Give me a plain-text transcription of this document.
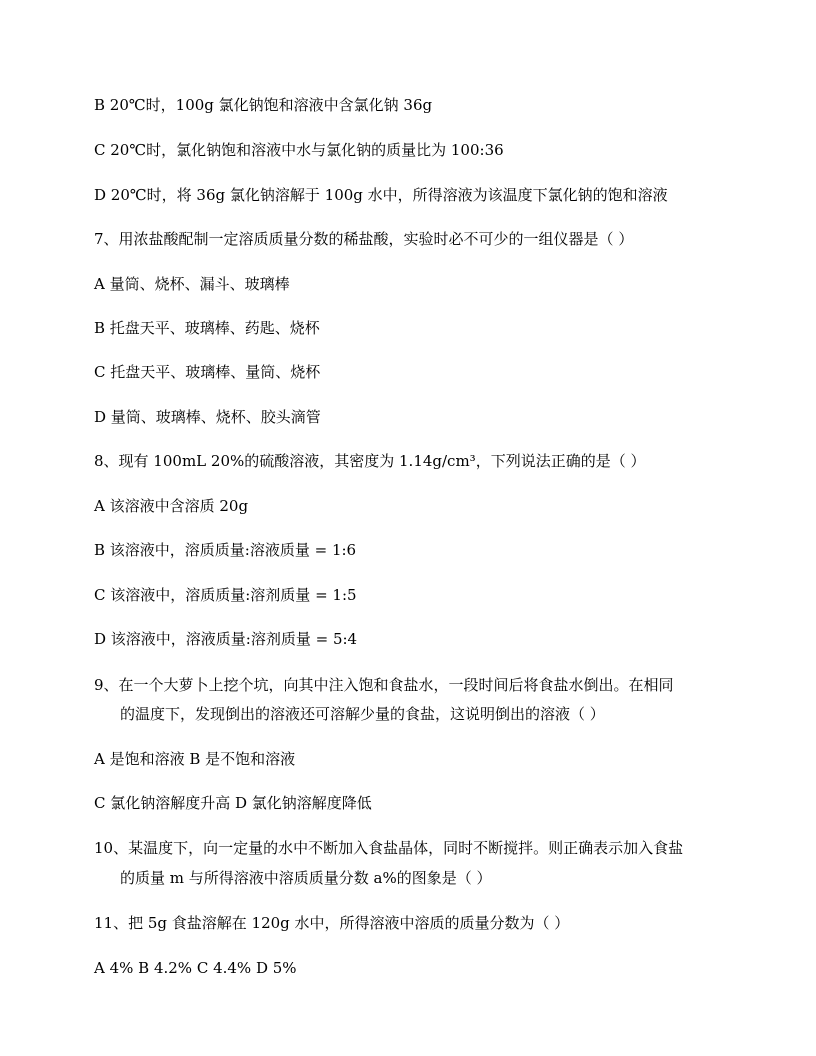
B 20℃时，100g 氯化钠饱和溶液中含氯化钠 36g
C 20℃时，氯化钠饱和溶液中水与氯化钠的质量比为 100:36
D 20℃时，将 36g 氯化钠溶解于 100g 水中，所得溶液为该温度下氯化钠的饱和溶液
7、用浓盐酸配制一定溶质质量分数的稀盐酸，实验时必不可少的一组仪器是（ ）
A 量筒、烧杯、漏斗、玻璃棒
B 托盘天平、玻璃棒、药匙、烧杯
C 托盘天平、玻璃棒、量筒、烧杯
D 量筒、玻璃棒、烧杯、胶头滴管
8、现有 100mL 20%的硫酸溶液，其密度为 1.14g/cm³，下列说法正确的是（ ）
A 该溶液中含溶质 20g
B 该溶液中，溶质质量:溶液质量 = 1:6
C 该溶液中，溶质质量:溶剂质量 = 1:5
D 该溶液中，溶液质量:溶剂质量 = 5:4
9、在一个大萝卜上挖个坑，向其中注入饱和食盐水，一段时间后将食盐水倒出。在相同
的温度下，发现倒出的溶液还可溶解少量的食盐，这说明倒出的溶液（ ）
A 是饱和溶液 B 是不饱和溶液
C 氯化钠溶解度升高 D 氯化钠溶解度降低
10、某温度下，向一定量的水中不断加入食盐晶体，同时不断搅拌。则正确表示加入食盐
的质量 m 与所得溶液中溶质质量分数 a%的图象是（ ）
11、把 5g 食盐溶解在 120g 水中，所得溶液中溶质的质量分数为（ ）
A 4% B 4.2% C 4.4% D 5%
